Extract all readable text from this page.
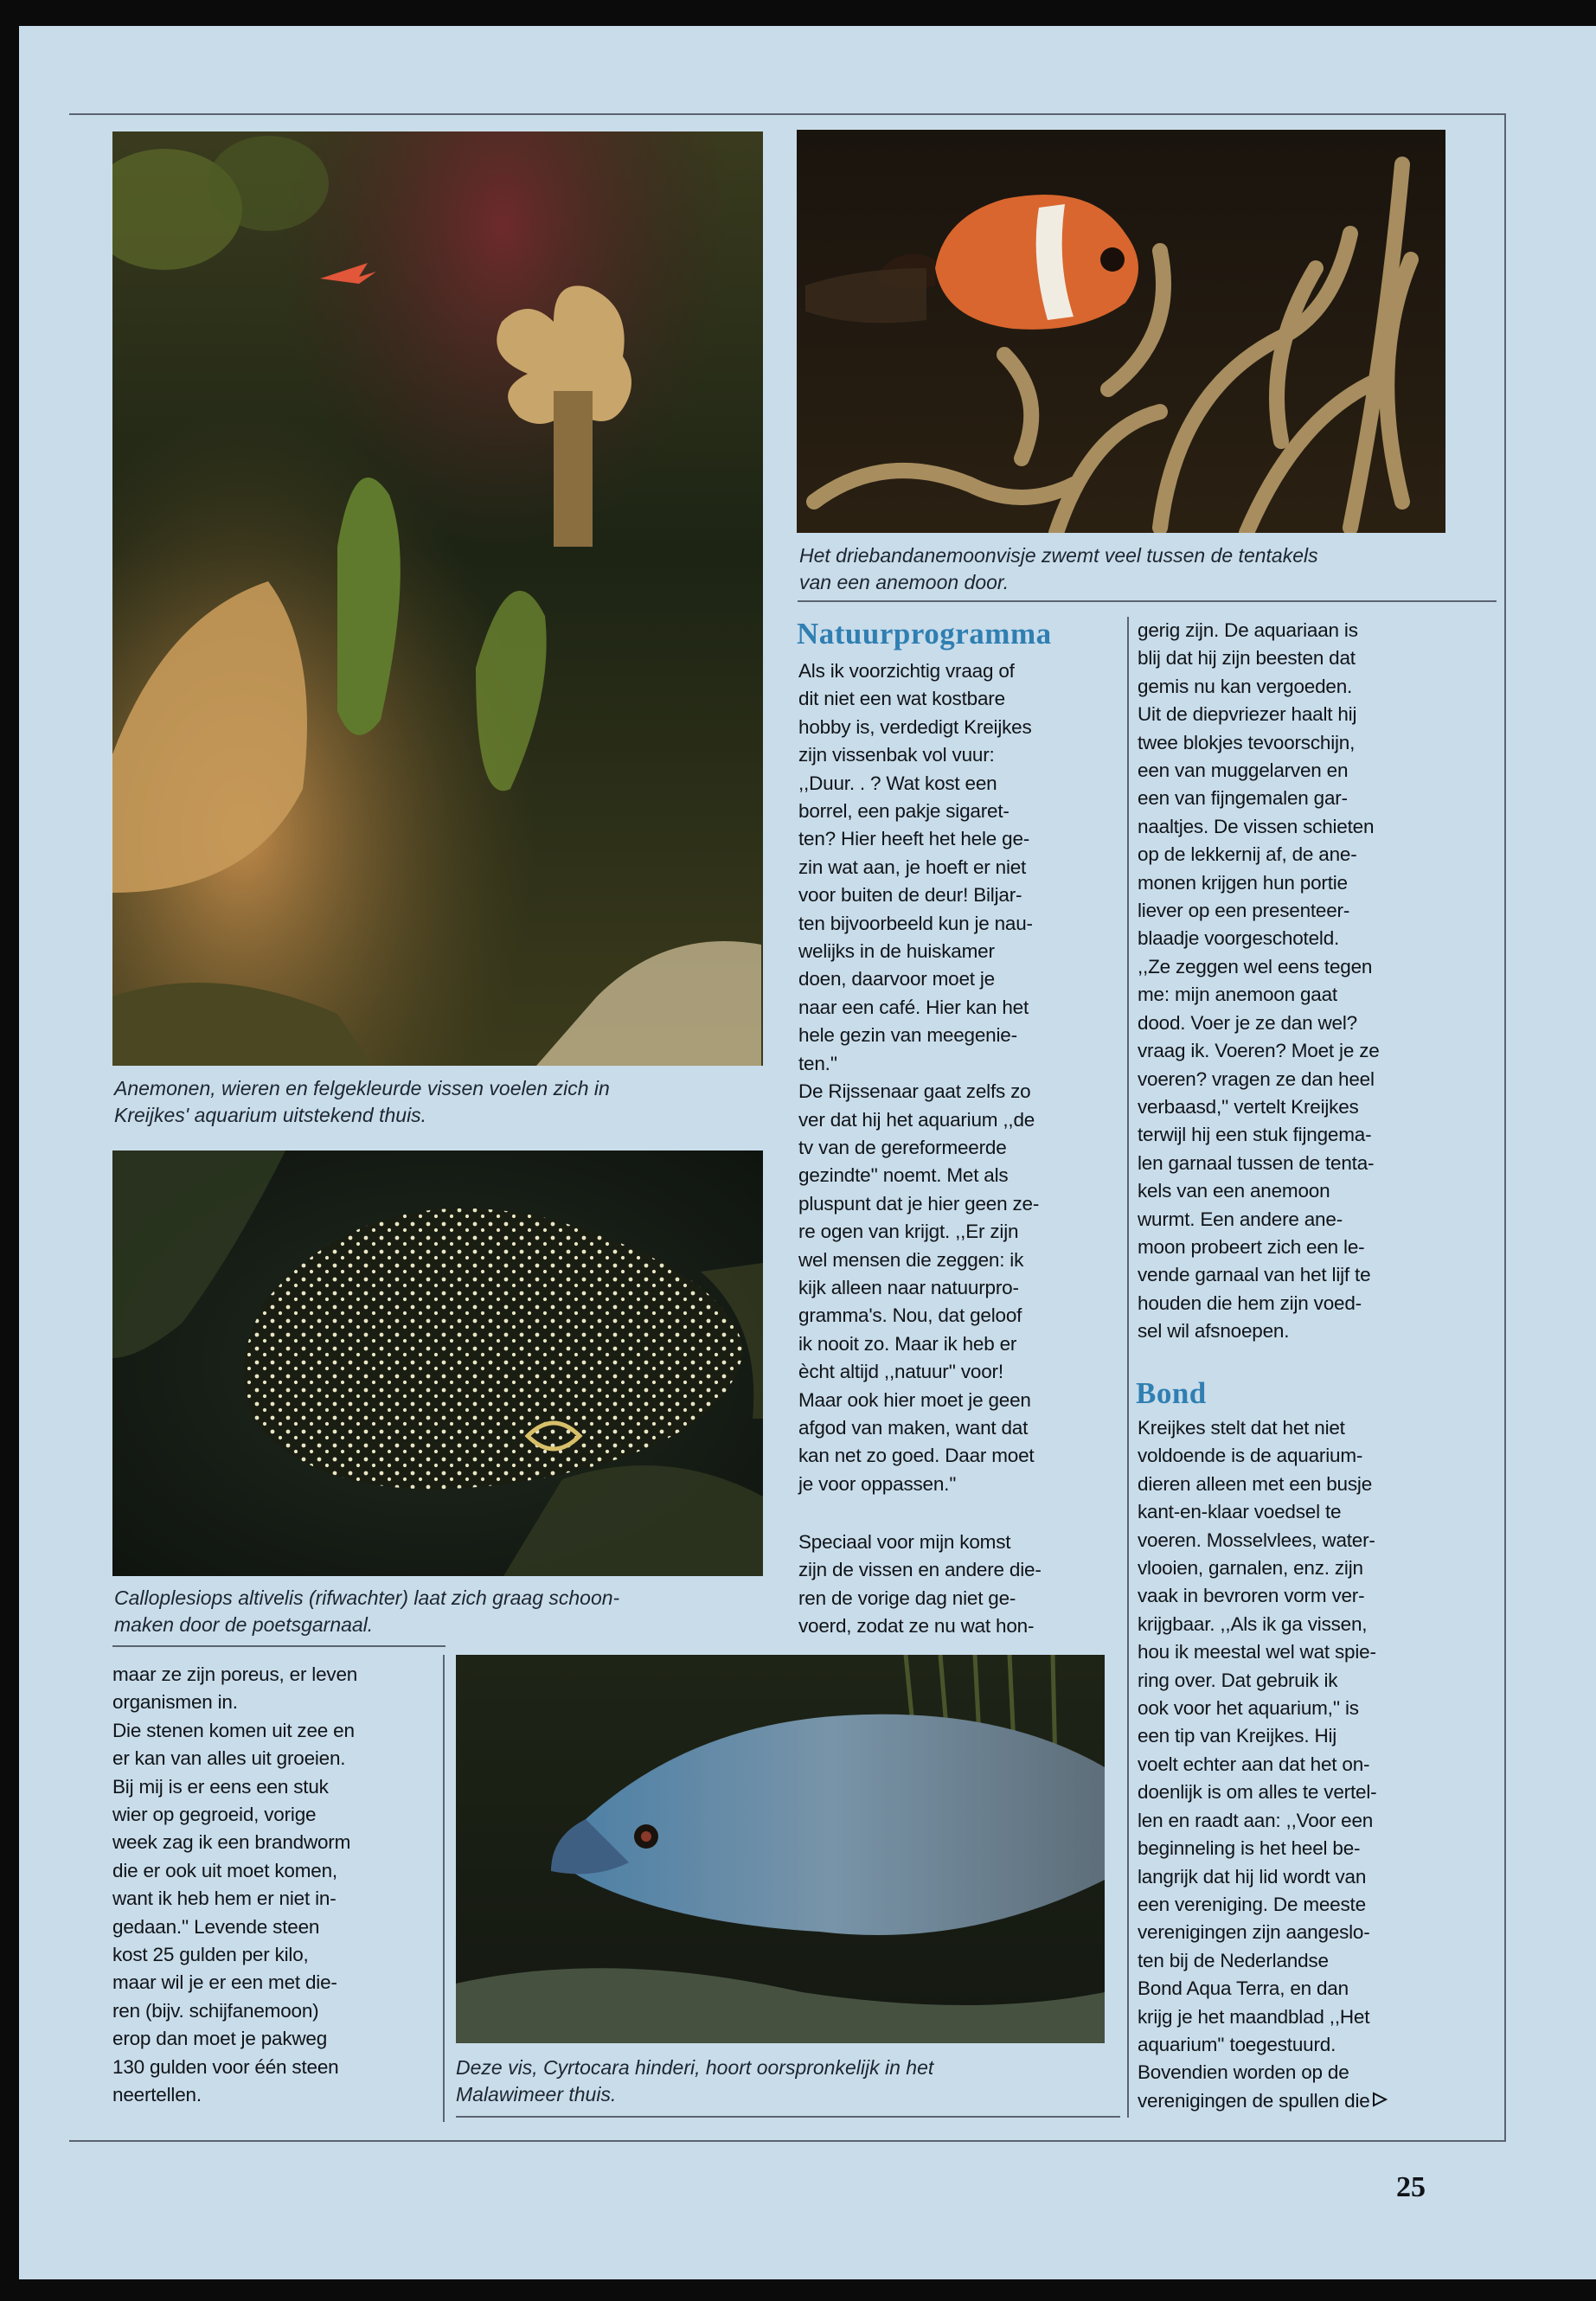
Anemonen, wieren en felgekleurde vissen voelen zich in
Kreijkes' aquarium uitstekend thuis.
Het driebandanemoonvisje zwemt veel tussen de tentakels
van een anemoon door.
Calloplesiops altivelis (rifwachter) laat zich graag schoon-
maken door de poetsgarnaal.
Deze vis, Cyrtocara hinderi, hoort oorspronkelijk in het
Malawimeer thuis.
Natuurprogramma
Als ik voorzichtig vraag of
dit niet een wat kostbare
hobby is, verdedigt Kreijkes
zijn vissenbak vol vuur:
,,Duur. . ? Wat kost een
borrel, een pakje sigaret-
ten? Hier heeft het hele ge-
zin wat aan, je hoeft er niet
voor buiten de deur! Biljar-
ten bijvoorbeeld kun je nau-
welijks in de huiskamer
doen, daarvoor moet je
naar een café. Hier kan het
hele gezin van meegenie-
ten.''
De Rijssenaar gaat zelfs zo
ver dat hij het aquarium ,,de
tv van de gereformeerde
gezindte'' noemt. Met als
pluspunt dat je hier geen ze-
re ogen van krijgt. ,,Er zijn
wel mensen die zeggen: ik
kijk alleen naar natuurpro-
gramma's. Nou, dat geloof
ik nooit zo. Maar ik heb er
ècht altijd ,,natuur'' voor!
Maar ook hier moet je geen
afgod van maken, want dat
kan net zo goed. Daar moet
je voor oppassen.''
Speciaal voor mijn komst
zijn de vissen en andere die-
ren de vorige dag niet ge-
voerd, zodat ze nu wat hon-
gerig zijn. De aquariaan is
blij dat hij zijn beesten dat
gemis nu kan vergoeden.
Uit de diepvriezer haalt hij
twee blokjes tevoorschijn,
een van muggelarven en
een van fijngemalen gar-
naaltjes. De vissen schieten
op de lekkernij af, de ane-
monen krijgen hun portie
liever op een presenteer-
blaadje voorgeschoteld.
,,Ze zeggen wel eens tegen
me: mijn anemoon gaat
dood. Voer je ze dan wel?
vraag ik. Voeren? Moet je ze
voeren? vragen ze dan heel
verbaasd,'' vertelt Kreijkes
terwijl hij een stuk fijngema-
len garnaal tussen de tenta-
kels van een anemoon
wurmt. Een andere ane-
moon probeert zich een le-
vende garnaal van het lijf te
houden die hem zijn voed-
sel wil afsnoepen.
Bond
Kreijkes stelt dat het niet
voldoende is de aquarium-
dieren alleen met een busje
kant-en-klaar voedsel te
voeren. Mosselvlees, water-
vlooien, garnalen, enz. zijn
vaak in bevroren vorm ver-
krijgbaar. ,,Als ik ga vissen,
hou ik meestal wel wat spie-
ring over. Dat gebruik ik
ook voor het aquarium,'' is
een tip van Kreijkes. Hij
voelt echter aan dat het on-
doenlijk is om alles te vertel-
len en raadt aan: ,,Voor een
beginneling is het heel be-
langrijk dat hij lid wordt van
een vereniging. De meeste
verenigingen zijn aangeslo-
ten bij de Nederlandse
Bond Aqua Terra, en dan
krijg je het maandblad ,,Het
aquarium'' toegestuurd.
Bovendien worden op de
verenigingen de spullen die
maar ze zijn poreus, er leven
organismen in.
Die stenen komen uit zee en
er kan van alles uit groeien.
Bij mij is er eens een stuk
wier op gegroeid, vorige
week zag ik een brandworm
die er ook uit moet komen,
want ik heb hem er niet in-
gedaan.'' Levende steen
kost 25 gulden per kilo,
maar wil je er een met die-
ren (bijv. schijfanemoon)
erop dan moet je pakweg
130 gulden voor één steen
neertellen.
25
